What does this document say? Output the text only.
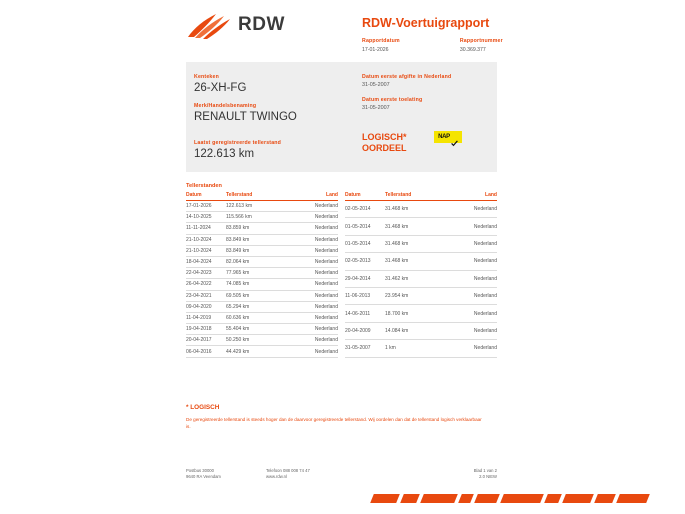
RDW	RDW-Voertuigrapport
Rapportdatum
17-01-2026
Rapportnummer
30.369.377
Kenteken
26-XH-FG
Merk/Handelsbenaming
RENAULT TWINGO
Laatst geregistreerde tellerstand
122.613 km
Datum eerste afgifte in Nederland
31-05-2007
Datum eerste toelating
31-05-2007
LOGISCH*
OORDEEL
NAP
Tellerstanden
Datum	Tellerstand	Land
17-01-2026	122.613 km	Nederland
14-10-2025	115.566 km	Nederland
11-11-2024	83.859 km	Nederland
21-10-2024	83.849 km	Nederland
21-10-2024	83.849 km	Nederland
18-04-2024	82.064 km	Nederland
22-04-2023	77.965 km	Nederland
26-04-2022	74.085 km	Nederland
23-04-2021	69.505 km	Nederland
09-04-2020	65.294 km	Nederland
11-04-2019	60.636 km	Nederland
19-04-2018	55.404 km	Nederland
20-04-2017	50.250 km	Nederland
06-04-2016	44.429 km	Nederland
Datum	Tellerstand	Land
02-05-2014	31.468 km	Nederland
01-05-2014	31.468 km	Nederland
01-05-2014	31.468 km	Nederland
02-05-2013	31.468 km	Nederland
29-04-2014	31.462 km	Nederland
11-06-2013	23.954 km	Nederland
14-06-2011	18.700 km	Nederland
20-04-2009	14.084 km	Nederland
31-05-2007	1 km	Nederland
* LOGISCH

De geregistreerde tellerstand is steeds hoger dan de daarvoor geregistreerde tellerstand. Wij oordelen dan dat de tellerstand logisch verklaarbaar is.

Postbus 30000
9640 RA Veendam
Telefoon 088 008 74 47
www.rdw.nl
Blad 1 van 2
2.0 NIEW
